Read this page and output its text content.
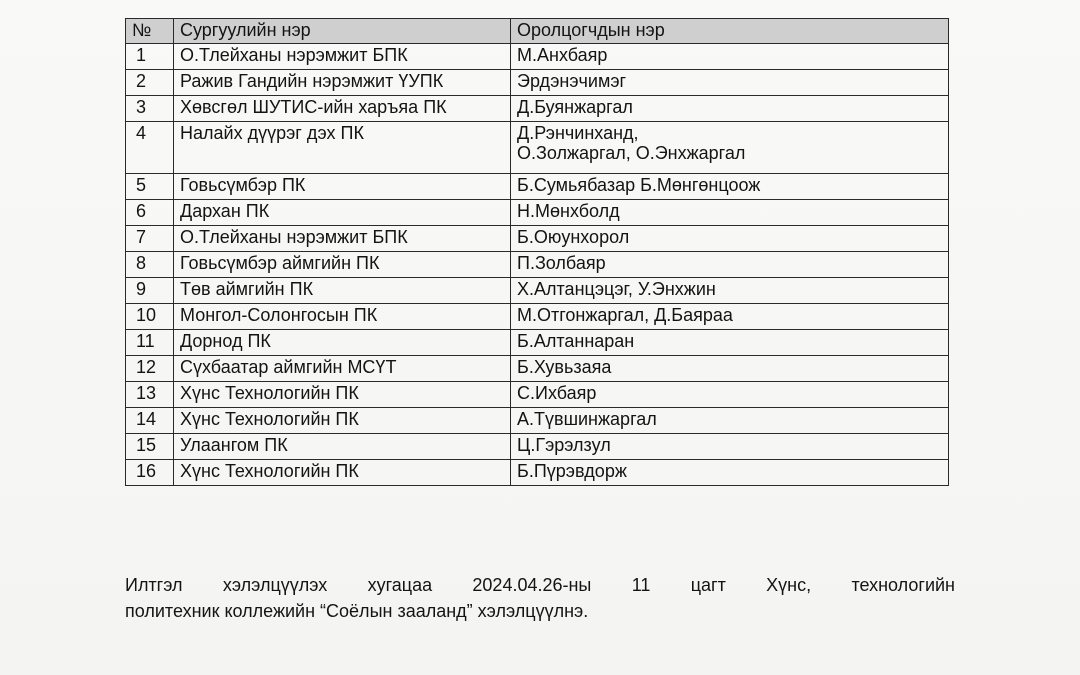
№	Сургуулийн нэр	Оролцогчдын нэр
1	О.Тлейханы нэрэмжит БПК	М.Анхбаяр
2	Ражив Гандийн нэрэмжит ҮУПК	Эрдэнэчимэг
3	Хөвсгөл ШУТИС-ийн харъяа ПК	Д.Буянжаргал
4	Налайх дүүрэг дэх ПК	Д.Рэнчинханд,
О.Золжаргал, О.Энхжаргал

5	Говьсүмбэр ПК	Б.Сумьябазар Б.Мөнгөнцоож
6	Дархан ПК	Н.Мөнхболд
7	О.Тлейханы нэрэмжит БПК	Б.Оюунхорол
8	Говьсүмбэр аймгийн ПК	П.Золбаяр
9	Төв аймгийн ПК	Х.Алтанцэцэг, У.Энхжин
10	Монгол-Солонгосын ПК	М.Отгонжаргал, Д.Баяраа
11	Дорнод ПК	Б.Алтаннаран
12	Сүхбаатар аймгийн МСҮТ	Б.Хувьзаяа
13	Хүнс Технологийн ПК	С.Ихбаяр
14	Хүнс Технологийн ПК	А.Түвшинжаргал
15	Улаангом ПК	Ц.Гэрэлзул
16	Хүнс Технологийн ПК	Б.Пүрэвдорж
Илтгэл хэлэлцүүлэх хугацаа 2024.04.26-ны 11 цагт Хүнс, технологийн
политехник коллежийн “Соёлын зааланд” хэлэлцүүлнэ.
